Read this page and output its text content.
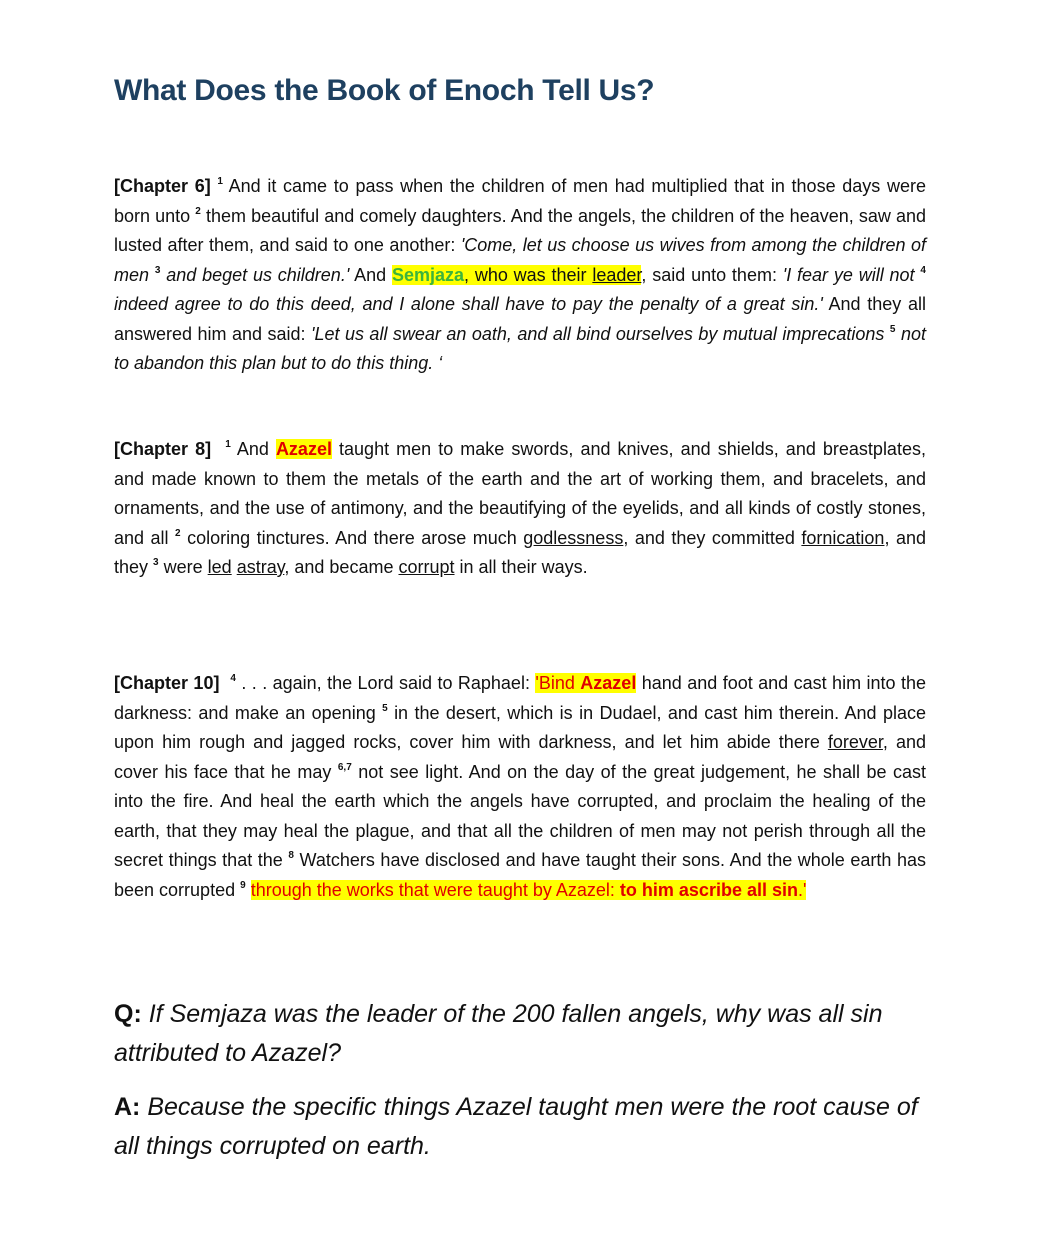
What Does the Book of Enoch Tell Us?

[Chapter 6] $^1$ And it came to pass when the children of men had multiplied that in those days were born unto $^2$ them beautiful and comely daughters. And the angels, the children of the heaven, saw and lusted after them, and said to one another: 'Come, let us choose us wives from among the children of men $^3$ and beget us children.' And Semjaza, who was their leader, said unto them: 'I fear ye will not $^4$ indeed agree to do this deed, and I alone shall have to pay the penalty of a great sin.' And they all answered him and said: 'Let us all swear an oath, and all bind ourselves by mutual imprecations $^5$ not to abandon this plan but to do this thing. ‘

[Chapter 8] $^1$ And Azazel taught men to make swords, and knives, and shields, and breastplates, and made known to them the metals of the earth and the art of working them, and bracelets, and ornaments, and the use of antimony, and the beautifying of the eyelids, and all kinds of costly stones, and all $^2$ coloring tinctures. And there arose much godlessness, and they committed fornication, and they $^3$ were led astray, and became corrupt in all their ways.

[Chapter 10] $^4$ . . . again, the Lord said to Raphael: 'Bind Azazel hand and foot and cast him into the darkness: and make an opening $^5$ in the desert, which is in Dudael, and cast him therein. And place upon him rough and jagged rocks, cover him with darkness, and let him abide there forever, and cover his face that he may $^{6,7}$ not see light. And on the day of the great judgement, he shall be cast into the fire. And heal the earth which the angels have corrupted, and proclaim the healing of the earth, that they may heal the plague, and that all the children of men may not perish through all the secret things that the $^8$ Watchers have disclosed and have taught their sons. And the whole earth has been corrupted $^9$ through the works that were taught by Azazel: to him ascribe all sin.'

Q: If Semjaza was the leader of the 200 fallen angels, why was all sin attributed to Azazel?

A: Because the specific things Azazel taught men were the root cause of all things corrupted on earth.
